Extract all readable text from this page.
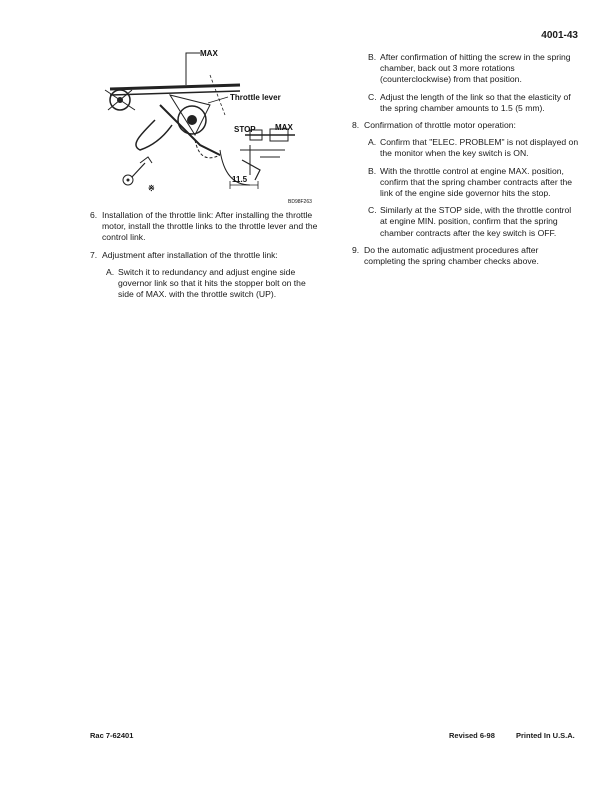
4001-43
MAX
Throttle lever
STOP MAX
11.5
※
BD98F263
6. Installation of the throttle link: After installing the throttle motor, install the throttle links to the throttle lever and the control link.
7. Adjustment after installation of the throttle link:
A. Switch it to redundancy and adjust engine side governor link so that it hits the stopper bolt on the side of MAX. with the throttle switch (UP).
B. After confirmation of hitting the screw in the spring chamber, back out 3 more rotations (counterclockwise) from that position.
C. Adjust the length of the link so that the elasticity of the spring chamber amounts to 1.5 (5 mm).
8. Confirmation of throttle motor operation:
A. Confirm that "ELEC. PROBLEM" is not displayed on the monitor when the key switch is ON.
B. With the throttle control at engine MAX. position, confirm that the spring chamber contracts after the link of the engine side governor hits the stop.
C. Similarly at the STOP side, with the throttle control at engine MIN. position, confirm that the spring chamber contracts after the key switch is OFF.
9. Do the automatic adjustment procedures after completing the spring chamber checks above.
Rac 7-62401	Revised 6-98	Printed In U.S.A.
